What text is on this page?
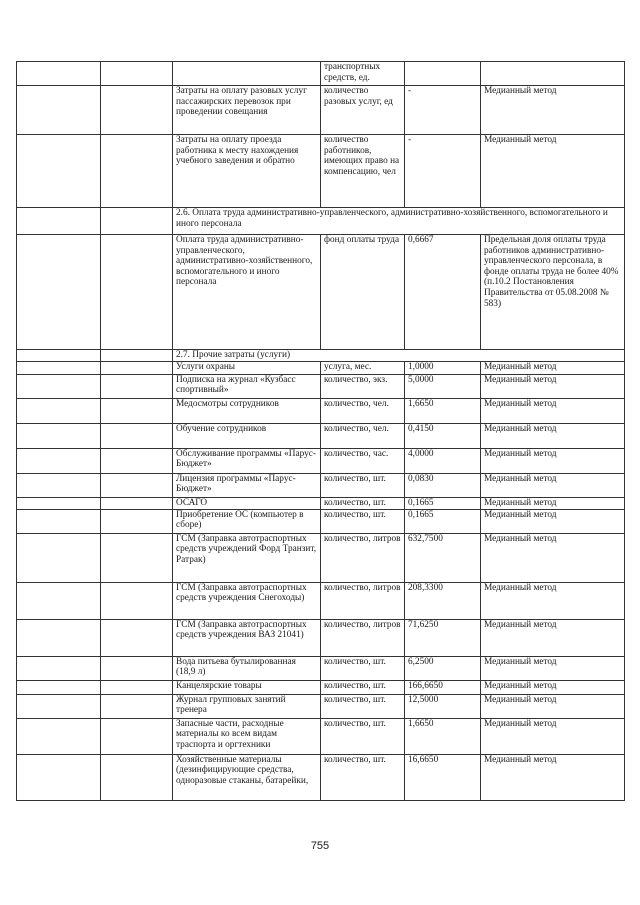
			транспортных средств, ед.		
		Затраты на оплату разовых услуг пассажирских перевозок при проведении совещания	количество разовых услуг, ед	-	Медианный метод
		Затраты на оплату проезда работника к месту нахождения учебного заведения и обратно	количество работников, имеющих право на компенсацию, чел	-	Медианный метод
		2.6. Оплата труда административно-управленческого, административно-хозяйственного, вспомогательного и иного персонала			
		Оплата труда административно-управленческого, административно-хозяйственного, вспомогательного и иного персонала	фонд оплаты труда	0,6667	Предельная доля оплаты труда работников административно-управленческого персонала, в фонде оплаты труда не более 40% (п.10.2 Постановления Правительства от 05.08.2008 № 583)
		2.7. Прочие затраты (услуги)			
		Услуги охраны	услуга, мес.	1,0000	Медианный метод
		Подписка на журнал «Кузбасс спортивный»	количество, экз.	5,0000	Медианный метод
		Медосмотры сотрудников	количество, чел.	1,6650	Медианный метод
		Обучение сотрудников	количество, чел.	0,4150	Медианный метод
		Обслуживание программы «Парус-Бюджет»	количество, час.	4,0000	Медианный метод
		Лицензия программы «Парус-Бюджет»	количество, шт.	0,0830	Медианный метод
		ОСАГО	количество, шт.	0,1665	Медианный метод
		Приобретение ОС (компьютер в сборе)	количество, шт.	0,1665	Медианный метод
		ГСМ (Заправка автотраспортных средств учреждений Форд Транзит, Ратрак)	количество, литров	632,7500	Медианный метод
		ГСМ (Заправка автотраспортных средств учреждения Снегоходы)	количество, литров	208,3300	Медианный метод
		ГСМ (Заправка автотраспортных средств учреждения ВАЗ 21041)	количество, литров	71,6250	Медианный метод
		Вода питьева бутылированная (18,9 л)	количество, шт.	6,2500	Медианный метод
		Канцелярские товары	количество, шт.	166,6650	Медианный метод
		Журнал групповых занятий тренера	количество, шт.	12,5000	Медианный метод
		Запасные части, расходные материалы ко всем видам траспорта и оргтехники	количество, шт.	1,6650	Медианный метод
		Хозяйственные материалы (дезинфицирующие средства, одноразовые стаканы, батарейки,	количество, шт.	16,6650	Медианный метод
755
